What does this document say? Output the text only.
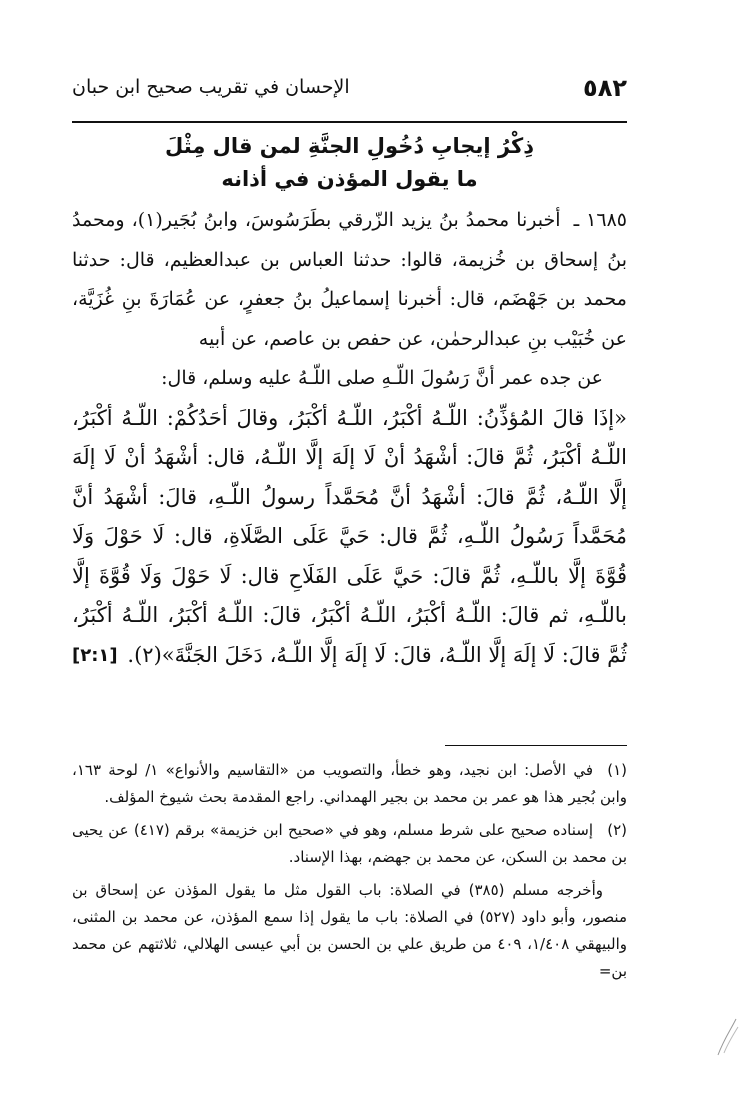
٥٨٢
الإحسان في تقريب صحيح ابن حبان
ذِكْرُ إيجابِ دُخُولِ الجنَّةِ لمن قال مِثْلَ
ما يقول المؤذن في أذانه

١٦٨٥ ـ أخبرنا محمدُ بنُ يزيد الزّرقي بطَرَسُوسَ، وابنُ بُجَير(١)، ومحمدُ بنُ إسحاق بن خُزيمة، قالوا: حدثنا العباس بن عبدالعظيم، قال: حدثنا محمد بن جَهْضَم، قال: أخبرنا إسماعيلُ بنُ جعفرٍ، عن عُمَارَةَ بنِ غُزَيَّة، عن خُبَيْب بنِ عبدالرحمٰن، عن حفص بن عاصم، عن أبيه

عن جده عمر أنَّ رَسُولَ اللّـهِ صلى اللّـهُ عليه وسلم، قال:

«إذَا قالَ المُؤذِّنُ: اللّـهُ أكْبَرُ، اللّـهُ أكْبَرُ، وقالَ أحَدُكُمْ: اللّـهُ أكْبَرُ، اللّـهُ أكْبَرُ، ثُمَّ قالَ: أشْهَدُ أنْ لَا إلَهَ إلَّا اللّـهُ، قال: أشْهَدُ أنْ لَا إلَهَ إلَّا اللّـهُ، ثُمَّ قالَ: أشْهَدُ أنَّ مُحَمَّداً رسولُ اللّـهِ، قالَ: أشْهَدُ أنَّ مُحَمَّداً رَسُولُ اللّـهِ، ثُمَّ قال: حَيَّ عَلَى الصَّلَاةِ، قال: لَا حَوْلَ وَلَا قُوَّةَ إلَّا باللّـهِ، ثُمَّ قالَ: حَيَّ عَلَى الفَلَاحِ قال: لَا حَوْلَ وَلَا قُوَّةَ إلَّا باللّـهِ، ثم قالَ: اللّـهُ أكْبَرُ، اللّـهُ أكْبَرُ، قالَ: اللّـهُ أكْبَرُ، اللّـهُ أكْبَرُ، ثُمَّ قالَ: لَا إلَهَ إلَّا اللّـهُ، قالَ: لَا إلَهَ إلَّا اللّـهُ، دَخَلَ الجَنَّةَ»(٢).
[٢:١]

(١)في الأصل: ابن نجيد، وهو خطأ، والتصويب من «التقاسيم والأنواع» ١/ لوحة ١٦٣، وابن بُجير هذا هو عمر بن محمد بن بجير الهمداني. راجع المقدمة بحث شيوخ المؤلف.

(٢)إسناده صحيح على شرط مسلم، وهو في «صحيح ابن خزيمة» برقم (٤١٧) عن يحيى بن محمد بن السكن، عن محمد بن جهضم، بهذا الإسناد.

وأخرجه مسلم (٣٨٥) في الصلاة: باب القول مثل ما يقول المؤذن عن إسحاق بن منصور، وأبو داود (٥٢٧) في الصلاة: باب ما يقول إذا سمع المؤذن، عن محمد بن المثنى، والبيهقي ١/٤٠٨، ٤٠٩ من طريق علي بن الحسن بن أبي عيسى الهلالي، ثلاثتهم عن محمد بن=
